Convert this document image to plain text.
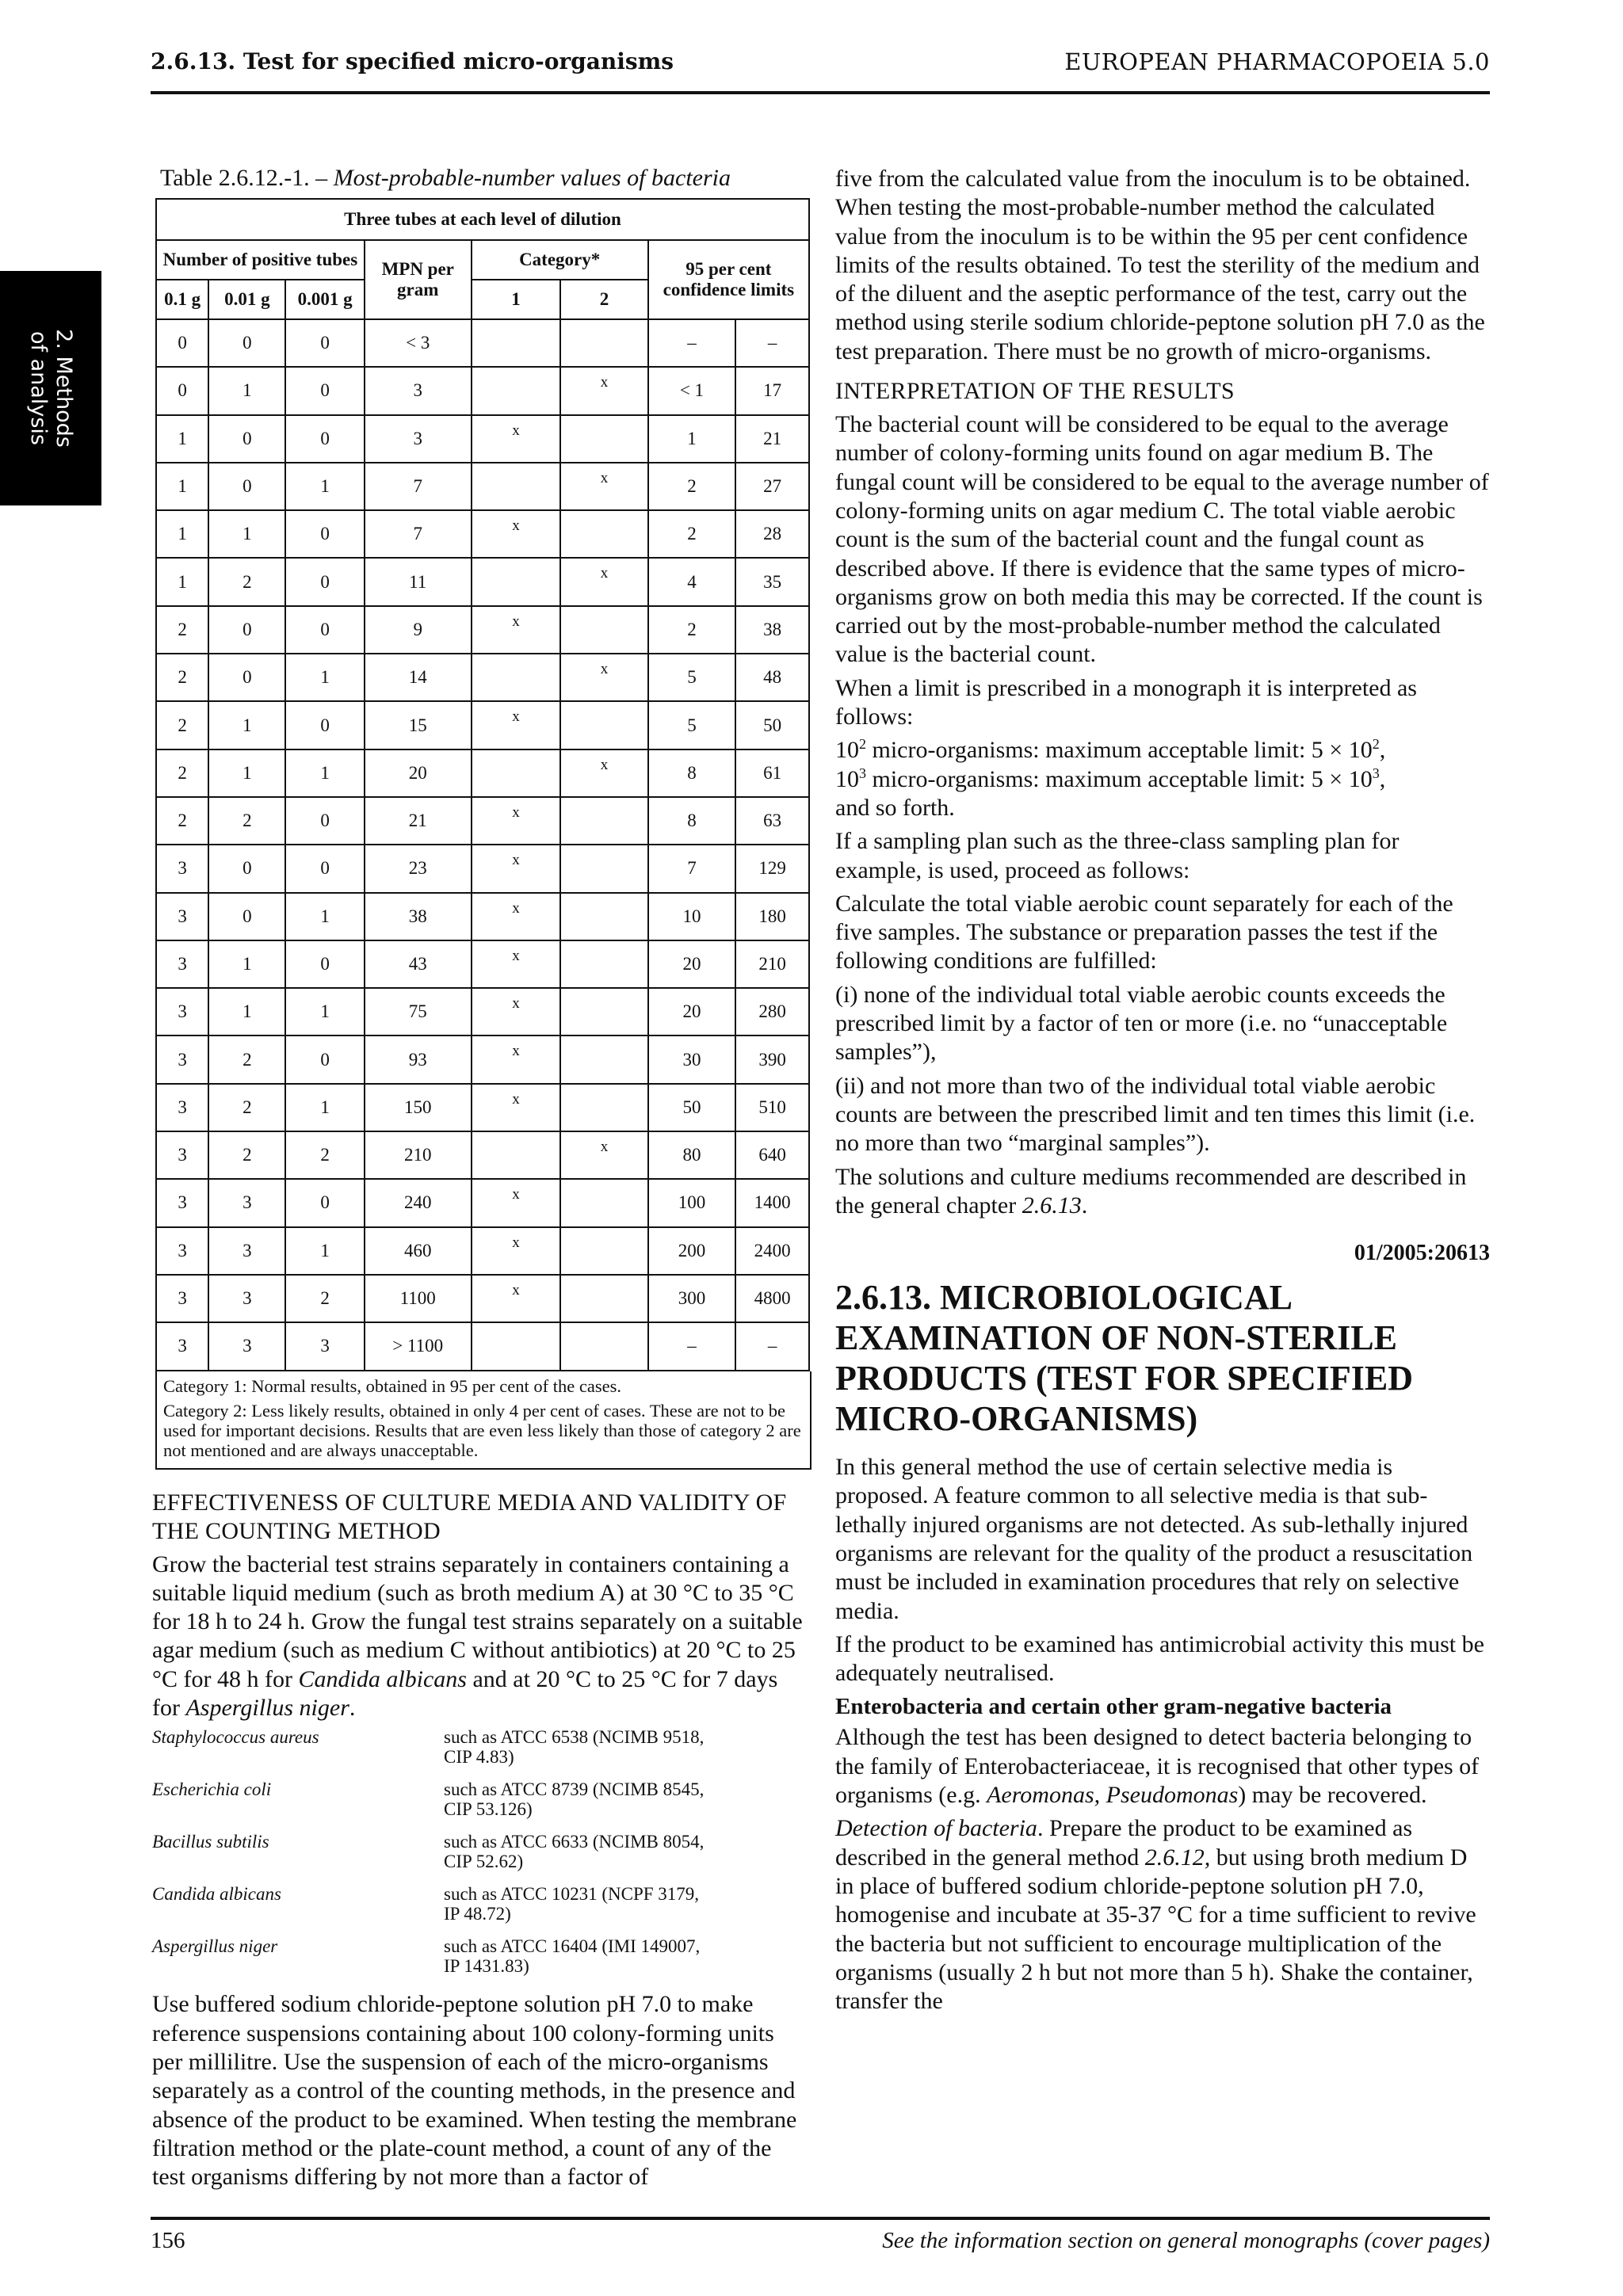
2.6.13. Test for specified micro-organisms	EUROPEAN PHARMACOPOEIA 5.0
2. Methods
of analysis
Table 2.6.12.-1. – Most-probable-number values of bacteria
Three tubes at each level of dilution							
Number of positive tubes			MPN per gram	Category*		95 per cent confidence limits	
0.1 g	0.01 g	0.001 g		1	2		
0	0	0	< 3			–	–
0	1	0	3		x	< 1	17
1	0	0	3	x		1	21
1	0	1	7		x	2	27
1	1	0	7	x		2	28
1	2	0	11		x	4	35
2	0	0	9	x		2	38
2	0	1	14		x	5	48
2	1	0	15	x		5	50
2	1	1	20		x	8	61
2	2	0	21	x		8	63
3	0	0	23	x		7	129
3	0	1	38	x		10	180
3	1	0	43	x		20	210
3	1	1	75	x		20	280
3	2	0	93	x		30	390
3	2	1	150	x		50	510
3	2	2	210		x	80	640
3	3	0	240	x		100	1400
3	3	1	460	x		200	2400
3	3	2	1100	x		300	4800
3	3	3	> 1100			–	–

Category 1: Normal results, obtained in 95 per cent of the cases.

Category 2: Less likely results, obtained in only 4 per cent of cases. These are not to be used for important decisions. Results that are even less likely than those of category 2 are not mentioned and are always unacceptable.

EFFECTIVENESS OF CULTURE MEDIA AND VALIDITY OF THE COUNTING METHOD

Grow the bacterial test strains separately in containers containing a suitable liquid medium (such as broth medium A) at 30 °C to 35 °C for 18 h to 24 h. Grow the fungal test strains separately on a suitable agar medium (such as medium C without antibiotics) at 20 °C to 25 °C for 48 h for Candida albicans and at 20 °C to 25 °C for 7 days for Aspergillus niger.

Staphylococcus aureus	such as ATCC 6538 (NCIMB 9518,
CIP 4.83)
Escherichia coli	such as ATCC 8739 (NCIMB 8545,
CIP 53.126)
Bacillus subtilis	such as ATCC 6633 (NCIMB 8054,
CIP 52.62)
Candida albicans	such as ATCC 10231 (NCPF 3179,
IP 48.72)
Aspergillus niger	such as ATCC 16404 (IMI 149007,
IP 1431.83)

Use buffered sodium chloride-peptone solution pH 7.0 to make reference suspensions containing about 100 colony-forming units per millilitre. Use the suspension of each of the micro-organisms separately as a control of the counting methods, in the presence and absence of the product to be examined. When testing the membrane filtration method or the plate-count method, a count of any of the test organisms differing by not more than a factor of

five from the calculated value from the inoculum is to be obtained. When testing the most-probable-number method the calculated value from the inoculum is to be within the 95 per cent confidence limits of the results obtained. To test the sterility of the medium and of the diluent and the aseptic performance of the test, carry out the method using sterile sodium chloride-peptone solution pH 7.0 as the test preparation. There must be no growth of micro-organisms.

INTERPRETATION OF THE RESULTS

The bacterial count will be considered to be equal to the average number of colony-forming units found on agar medium B. The fungal count will be considered to be equal to the average number of colony-forming units on agar medium C. The total viable aerobic count is the sum of the bacterial count and the fungal count as described above. If there is evidence that the same types of micro-organisms grow on both media this may be corrected. If the count is carried out by the most-probable-number method the calculated value is the bacterial count.

When a limit is prescribed in a monograph it is interpreted as follows:

$10^2$ micro-organisms: maximum acceptable limit: $5 \times 10^2$,
$10^3$ micro-organisms: maximum acceptable limit: $5 \times 10^3$,
and so forth.

If a sampling plan such as the three-class sampling plan for example, is used, proceed as follows:

Calculate the total viable aerobic count separately for each of the five samples. The substance or preparation passes the test if the following conditions are fulfilled:

(i) none of the individual total viable aerobic counts exceeds the prescribed limit by a factor of ten or more (i.e. no “unacceptable samples”),

(ii) and not more than two of the individual total viable aerobic counts are between the prescribed limit and ten times this limit (i.e. no more than two “marginal samples”).

The solutions and culture mediums recommended are described in the general chapter 2.6.13.

01/2005:20613
2.6.13. MICROBIOLOGICAL EXAMINATION OF NON-STERILE PRODUCTS (TEST FOR SPECIFIED MICRO-ORGANISMS)

In this general method the use of certain selective media is proposed. A feature common to all selective media is that sub-lethally injured organisms are not detected. As sub-lethally injured organisms are relevant for the quality of the product a resuscitation must be included in examination procedures that rely on selective media.

If the product to be examined has antimicrobial activity this must be adequately neutralised.

Enterobacteria and certain other gram-negative bacteria

Although the test has been designed to detect bacteria belonging to the family of Enterobacteriaceae, it is recognised that other types of organisms (e.g. Aeromonas, Pseudomonas) may be recovered.

Detection of bacteria. Prepare the product to be examined as described in the general method 2.6.12, but using broth medium D in place of buffered sodium chloride-peptone solution pH 7.0, homogenise and incubate at 35-37 °C for a time sufficient to revive the bacteria but not sufficient to encourage multiplication of the organisms (usually 2 h but not more than 5 h). Shake the container, transfer the

156	See the information section on general monographs (cover pages)
